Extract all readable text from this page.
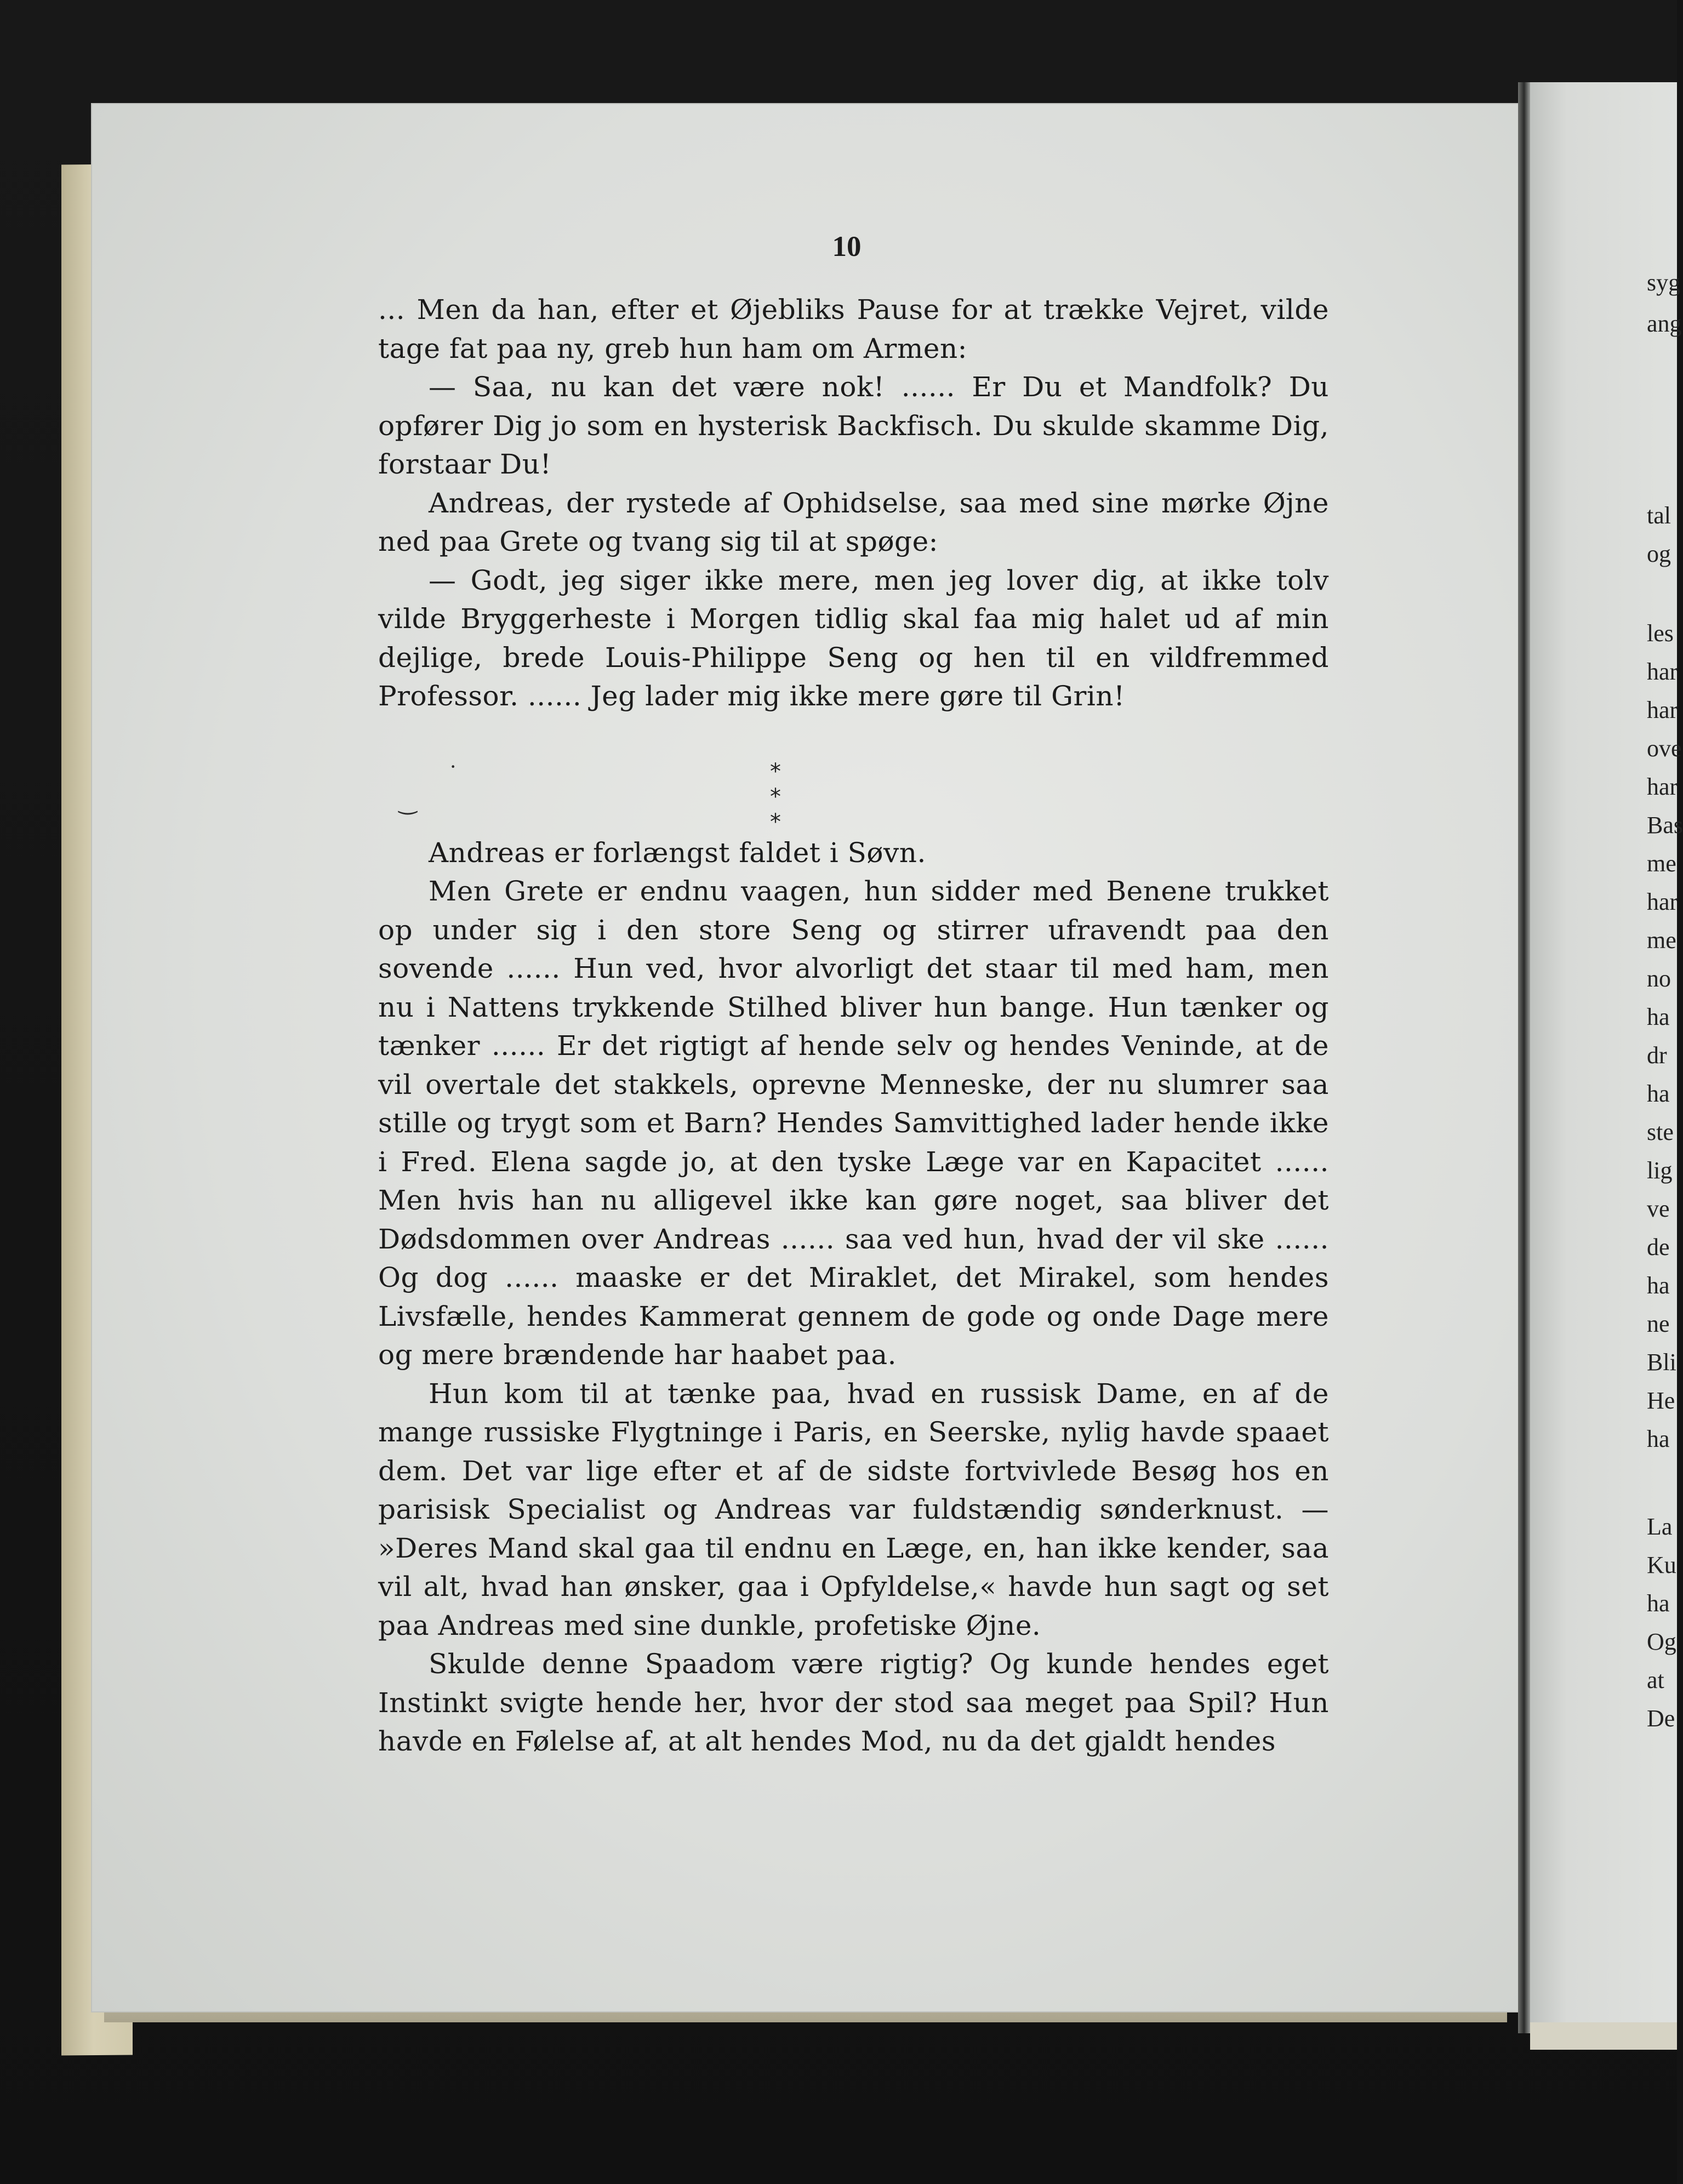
10

... Men da han, efter et Øjebliks Pause for at trække Vejret, vilde tage fat paa ny, greb hun ham om Armen:

— Saa, nu kan det være nok! ...... Er Du et Mandfolk? Du opfører Dig jo som en hysterisk Backfisch. Du skulde skamme Dig, forstaar Du!

Andreas, der rystede af Ophidselse, saa med sine mørke Øjne ned paa Grete og tvang sig til at spøge:

— Godt, jeg siger ikke mere, men jeg lover dig, at ikke tolv vilde Bryggerheste i Morgen tidlig skal faa mig halet ud af min dejlige, brede Louis-Philippe Seng og hen til en vildfremmed Professor. ...... Jeg lader mig ikke mere gøre til Grin!

Andreas er forlængst faldet i Søvn.

Men Grete er endnu vaagen, hun sidder med Benene trukket op under sig i den store Seng og stirrer ufravendt paa den sovende ...... Hun ved, hvor alvorligt det staar til med ham, men nu i Nattens trykkende Stilhed bliver hun bange. Hun tænker og tænker ...... Er det rigtigt af hende selv og hendes Veninde, at de vil overtale det stakkels, oprevne Menneske, der nu slumrer saa stille og trygt som et Barn? Hendes Samvittighed lader hende ikke i Fred. Elena sagde jo, at den tyske Læge var en Kapacitet ...... Men hvis han nu alligevel ikke kan gøre noget, saa bliver det Dødsdommen over Andreas ...... saa ved hun, hvad der vil ske ...... Og dog ...... maaske er det Miraklet, det Mirakel, som hendes Livsfælle, hendes Kammerat gennem de gode og onde Dage mere og mere brændende har haabet paa.

Hun kom til at tænke paa, hvad en russisk Dame, en af de mange russiske Flygtninge i Paris, en Seerske, nylig havde spaaet dem. Det var lige efter et af de sidste fortvivlede Besøg hos en parisisk Specialist og Andreas var fuldstændig sønderknust. — »Deres Mand skal gaa til endnu en Læge, en, han ikke kender, saa vil alt, hvad han ønsker, gaa i Opfyldelse,« havde hun sagt og set paa Andreas med sine dunkle, profetiske Øjne.

Skulde denne Spaadom være rigtig? Og kunde hendes eget Instinkt svigte hende her, hvor der stod saa meget paa Spil? Hun havde en Følelse af, at alt hendes Mod, nu da det gjaldt hendes

* * *
·
‿
syg
ang
tal
og
les
har
har
ove
har
Bas
me
har
me
no
ha
dr
ha
ste
lig
ve
de
ha
ne
Bli
He
ha
La
Ku
ha
Og
at
De
